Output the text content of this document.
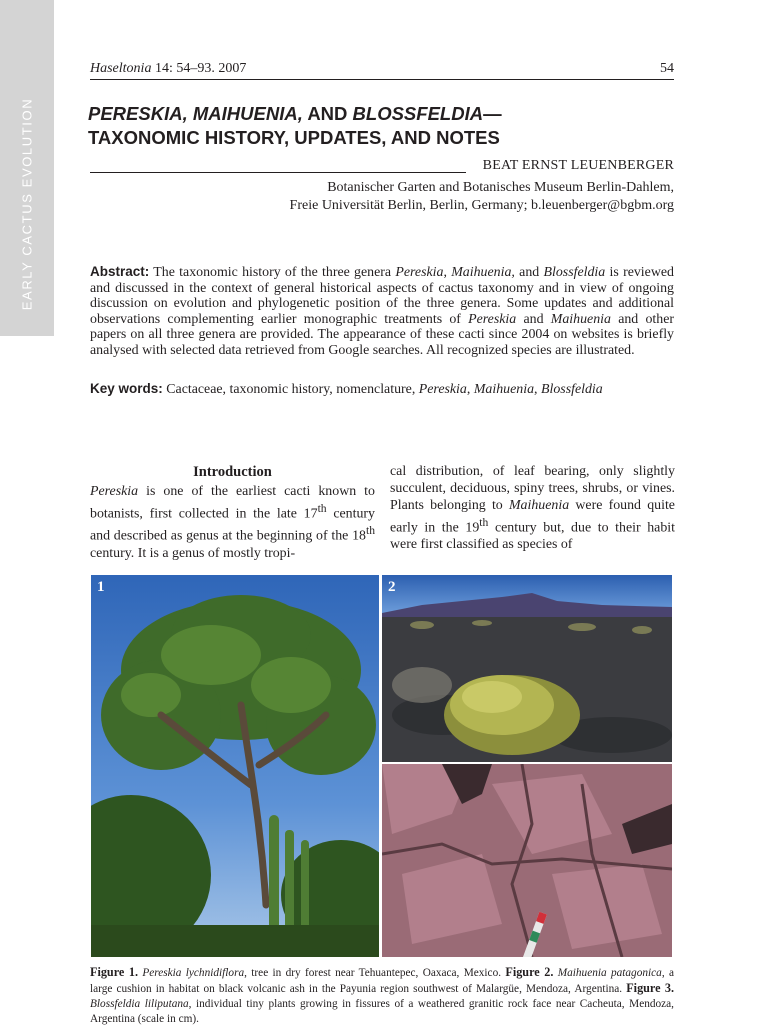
EARLY CACTUS EVOLUTION
Haseltonia 14: 54–93. 2007	54
PERESKIA, MAIHUENIA, AND BLOSSFELDIA—
TAXONOMIC HISTORY, UPDATES, AND NOTES
BEAT ERNST LEUENBERGER
Botanischer Garten and Botanisches Museum Berlin-Dahlem,
Freie Universität Berlin, Berlin, Germany; b.leuenberger@bgbm.org
Abstract: The taxonomic history of the three genera Pereskia, Maihuenia, and Blossfeldia is reviewed and discussed in the context of general historical aspects of cactus taxonomy and in view of ongoing discussion on evolution and phylogenetic position of the three genera. Some updates and additional observations complementing earlier monographic treatments of Pereskia and Maihuenia and other papers on all three genera are provided. The appearance of these cacti since 2004 on websites is briefly analysed with selected data retrieved from Google searches. All recognized species are illustrated.
Key words: Cactaceae, taxonomic history, nomenclature, Pereskia, Maihuenia, Blossfeldia
Introduction

Pereskia is one of the earliest cacti known to botanists, first collected in the late 17th century and described as genus at the beginning of the 18th century. It is a genus of mostly tropi-

cal distribution, of leaf bearing, only slightly succulent, deciduous, spiny trees, shrubs, or vines. Plants belonging to Maihuenia were found quite early in the 19th century but, due to their habit were first classified as species of

1	2
Figure 1. Pereskia lychnidiflora, tree in dry forest near Tehuantepec, Oaxaca, Mexico. Figure 2. Maihuenia patagonica, a large cushion in habitat on black volcanic ash in the Payunia region southwest of Malargüe, Mendoza, Argentina. Figure 3. Blossfeldia liliputana, individual tiny plants growing in fissures of a weathered granitic rock face near Cacheuta, Mendoza, Argentina (scale in cm).
